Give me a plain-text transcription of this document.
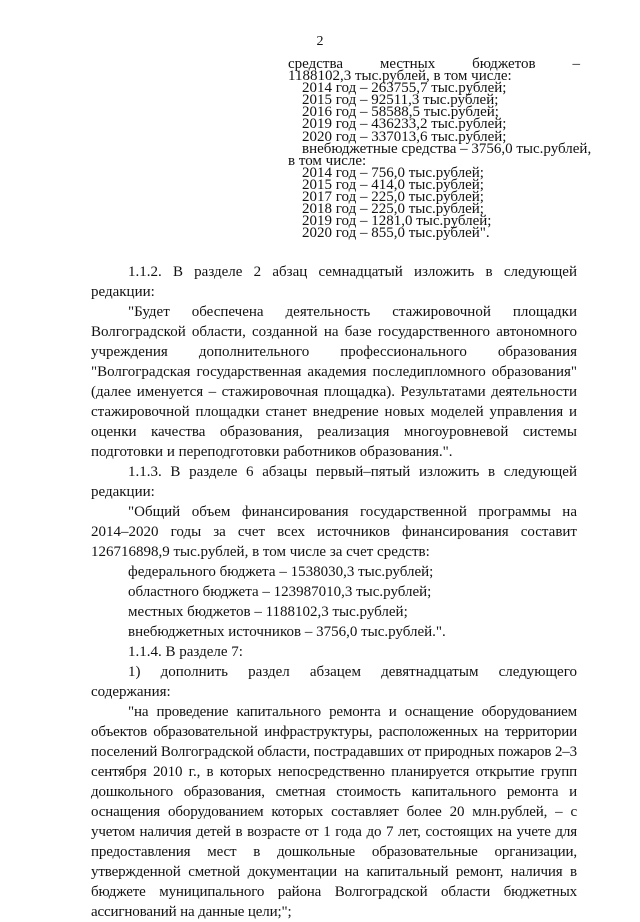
2
средства местных бюджетов –
1188102,3 тыс.рублей, в том числе:
2014 год – 263755,7 тыс.рублей;
2015 год – 92511,3 тыс.рублей;
2016 год – 58588,5 тыс.рублей;
2019 год – 436233,2 тыс.рублей;
2020 год – 337013,6 тыс.рублей;
внебюджетные средства – 3756,0 тыс.рублей,
в том числе:
2014 год – 756,0 тыс.рублей;
2015 год – 414,0 тыс.рублей;
2017 год – 225,0 тыс.рублей;
2018 год – 225,0 тыс.рублей;
2019 год – 1281,0 тыс.рублей;
2020 год – 855,0 тыс.рублей".

1.1.2. В разделе 2 абзац семнадцатый изложить в следующей редакции:

"Будет обеспечена деятельность стажировочной площадки Волгоградской области, созданной на базе государственного автономного учреждения дополнительного профессионального образования "Волгоградская государственная академия последипломного образования" (далее именуется – стажировочная площадка). Результатами деятельности стажировочной площадки станет внедрение новых моделей управления и оценки качества образования, реализация многоуровневой системы подготовки и переподготовки работников образования.".

1.1.3. В разделе 6 абзацы первый–пятый изложить в следующей редакции:

"Общий объем финансирования государственной программы на 2014–2020 годы за счет всех источников финансирования составит 126716898,9 тыс.рублей, в том числе за счет средств:

федерального бюджета – 1538030,3 тыс.рублей;

областного бюджета – 123987010,3 тыс.рублей;

местных бюджетов – 1188102,3 тыс.рублей;

внебюджетных источников – 3756,0 тыс.рублей.".

1.1.4. В разделе 7:

1) дополнить раздел абзацем девятнадцатым следующего содержания:

"на проведение капитального ремонта и оснащение оборудованием объектов образовательной инфраструктуры, расположенных на территории поселений Волгоградской области, пострадавших от природных пожаров 2–3 сентября 2010 г., в которых непосредственно планируется открытие групп дошкольного образования, сметная стоимость капитального ремонта и оснащения оборудованием которых составляет более 20 млн.рублей, – с учетом наличия детей в возрасте от 1 года до 7 лет, состоящих на учете для предоставления мест в дошкольные образовательные организации, утвержденной сметной документации на капитальный ремонт, наличия в бюджете муниципального района Волгоградской области бюджетных ассигнований на данные цели;";
